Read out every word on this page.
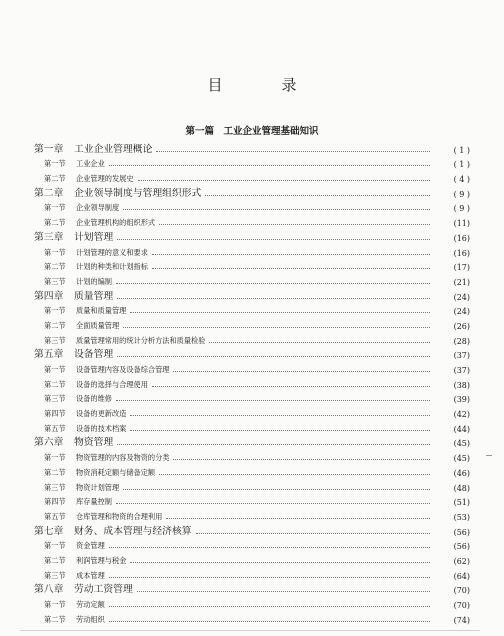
目　录
第一篇　工业企业管理基础知识
第一章	工业企业管理概论	( 1 )
第一节	工业企业	( 1 )
第二节	企业管理的发展史	( 4 )
第二章	企业领导制度与管理组织形式	( 9 )
第一节	企业领导制度	( 9 )
第二节	企业管理机构的组织形式	(11)
第三章	计划管理	(16)
第一节	计划管理的意义和要求	(16)
第二节	计划的种类和计划指标	(17)
第三节	计划的编制	(21)
第四章	质量管理	(24)
第一节	质量和质量管理	(24)
第二节	全面质量管理	(26)
第三节	质量管理常用的统计分析方法和质量检验	(28)
第五章	设备管理	(37)
第一节	设备管理内容及设备综合管理	(37)
第二节	设备的选择与合理使用	(38)
第三节	设备的维修	(39)
第四节	设备的更新改造	(42)
第五节	设备的技术档案	(44)
第六章	物资管理	(45)
第一节	物资管理的内容及物资的分类	(45)
第二节	物资消耗定额与储备定额	(46)
第三节	物资计划管理	(48)
第四节	库存量控制	(51)
第五节	仓库管理和物资的合理利用	(53)
第七章	财务、成本管理与经济核算	(56)
第一节	资金管理	(56)
第二节	利润管理与税金	(62)
第三节	成本管理	(64)
第八章	劳动工资管理	(70)
第一节	劳动定额	(70)
第二节	劳动组织	(74)
